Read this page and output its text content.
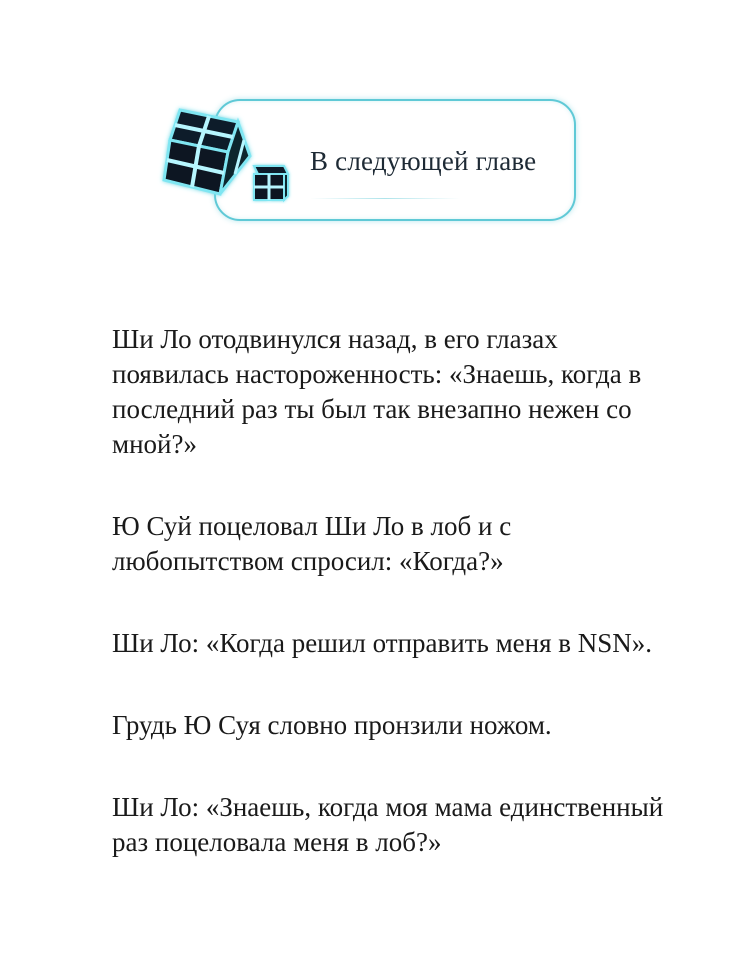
В следующей главе

Ши Ло отодвинулся назад, в его глазах появилась настороженность: «Знаешь, когда в последний раз ты был так внезапно нежен со мной?»

Ю Суй поцеловал Ши Ло в лоб и с любопытством спросил: «Когда?»

Ши Ло: «Когда решил отправить меня в NSN».

Грудь Ю Суя словно пронзили ножом.

Ши Ло: «Знаешь, когда моя мама единственный раз поцеловала меня в лоб?»
